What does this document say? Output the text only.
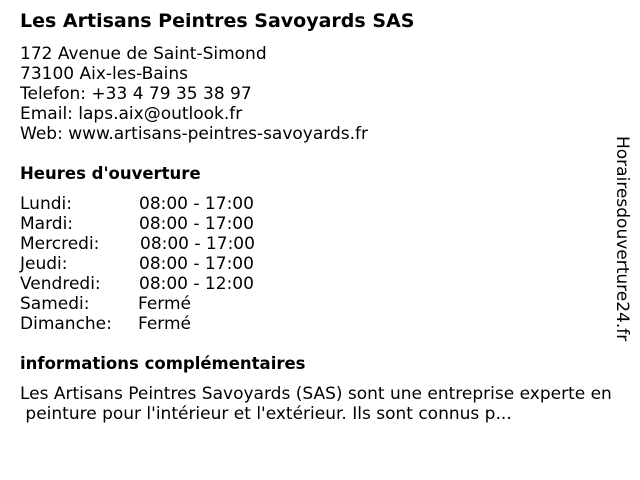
Les Artisans Peintres Savoyards SAS
172 Avenue de Saint-Simond
73100 Aix-les-Bains
Telefon: +33 4 79 35 38 97
Email: laps.aix@outlook.fr
Web: www.artisans-peintres-savoyards.fr
Heures d'ouverture
Lundi:	08:00 - 17:00
Mardi:	08:00 - 17:00
Mercredi: 08:00 - 17:00
Jeudi:	08:00 - 17:00
Vendredi: 08:00 - 12:00
Samedi:	Fermé
Dimanche: Fermé
informations complémentaires
Les Artisans Peintres Savoyards (SAS) sont une entreprise experte en
peinture pour l'intérieur et l'extérieur. Ils sont connus p...
Horairesdouverture24.fr
